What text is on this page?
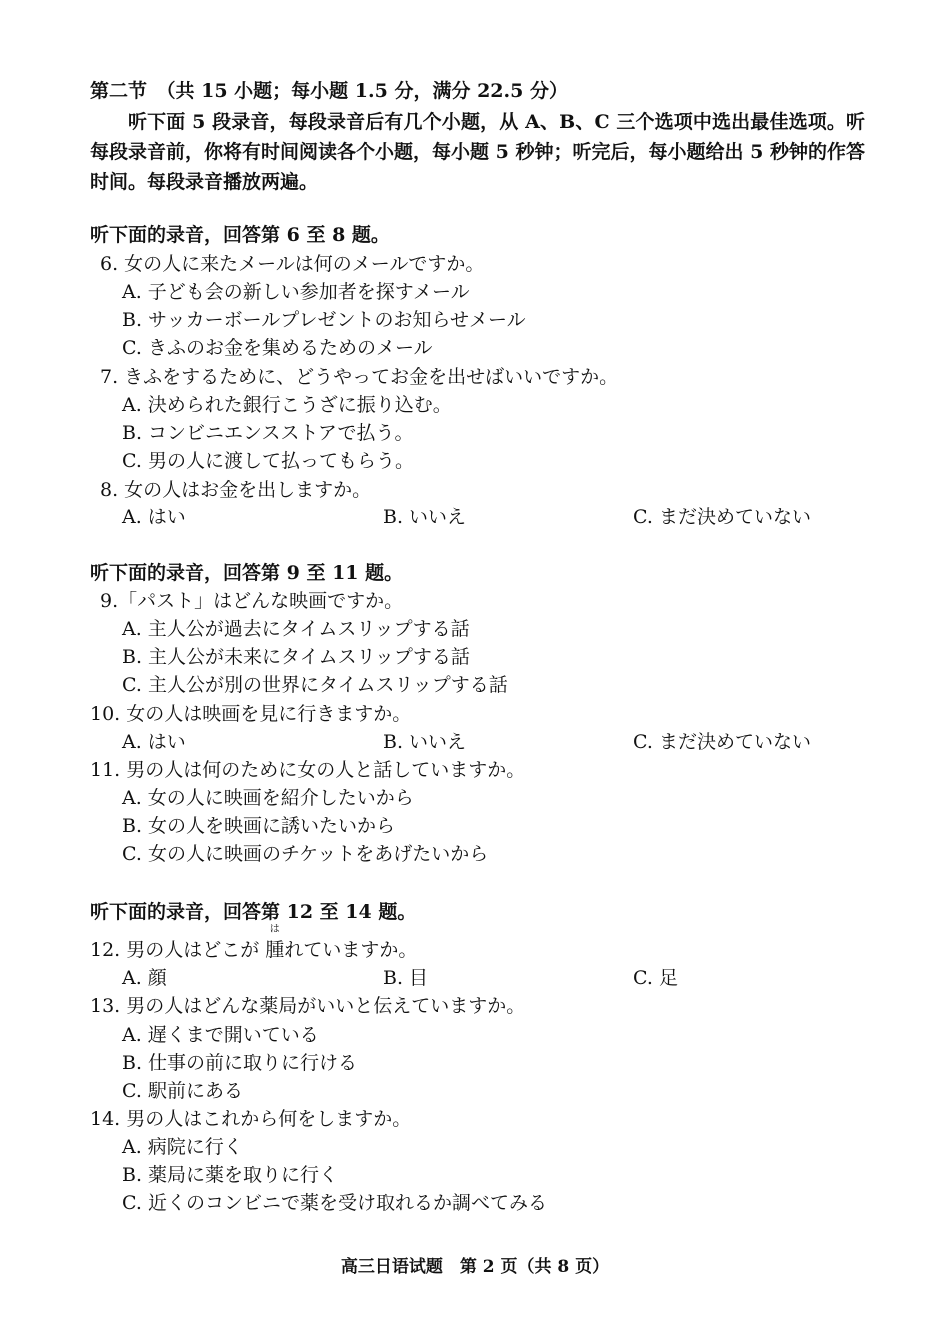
第二节　（共 15 小题；每小题 1.5 分，满分 22.5 分）
听下面 5 段录音，每段录音后有几个小题，从 A、B、C 三个选项中选出最佳选项。听每段录音前，你将有时间阅读各个小题，每小题 5 秒钟；听完后，每小题给出 5 秒钟的作答时间。每段录音播放两遍。
听下面的录音，回答第 6 至 8 题。
6. 女の人に来たメールは何のメールですか。
A. 子ども会の新しい参加者を探すメール
B. サッカーボールプレゼントのお知らせメール
C. きふのお金を集めるためのメール
7. きふをするために、どうやってお金を出せばいいですか。
A. 決められた銀行こうざに振り込む。
B. コンビニエンスストアで払う。
C. 男の人に渡して払ってもらう。
8. 女の人はお金を出しますか。
A. はい	B. いいえ	C. まだ決めていない
听下面的录音，回答第 9 至 11 题。
9.「パスト」はどんな映画ですか。
A. 主人公が過去にタイムスリップする話
B. 主人公が未来にタイムスリップする話
C. 主人公が別の世界にタイムスリップする話
10. 女の人は映画を見に行きますか。
A. はい	B. いいえ	C. まだ決めていない
11. 男の人は何のために女の人と話していますか。
A. 女の人に映画を紹介したいから
B. 女の人を映画に誘いたいから
C. 女の人に映画のチケットをあげたいから
听下面的录音，回答第 12 至 14 题。
12. 男の人はどこが
は
腫れていますか。
A. 顔	B. 目	C. 足
13. 男の人はどんな薬局がいいと伝えていますか。
A. 遅くまで開いている
B. 仕事の前に取りに行ける
C. 駅前にある
14. 男の人はこれから何をしますか。
A. 病院に行く
B. 薬局に薬を取りに行く
C. 近くのコンビニで薬を受け取れるか調べてみる
高三日语试题　第 2 页（共 8 页）
